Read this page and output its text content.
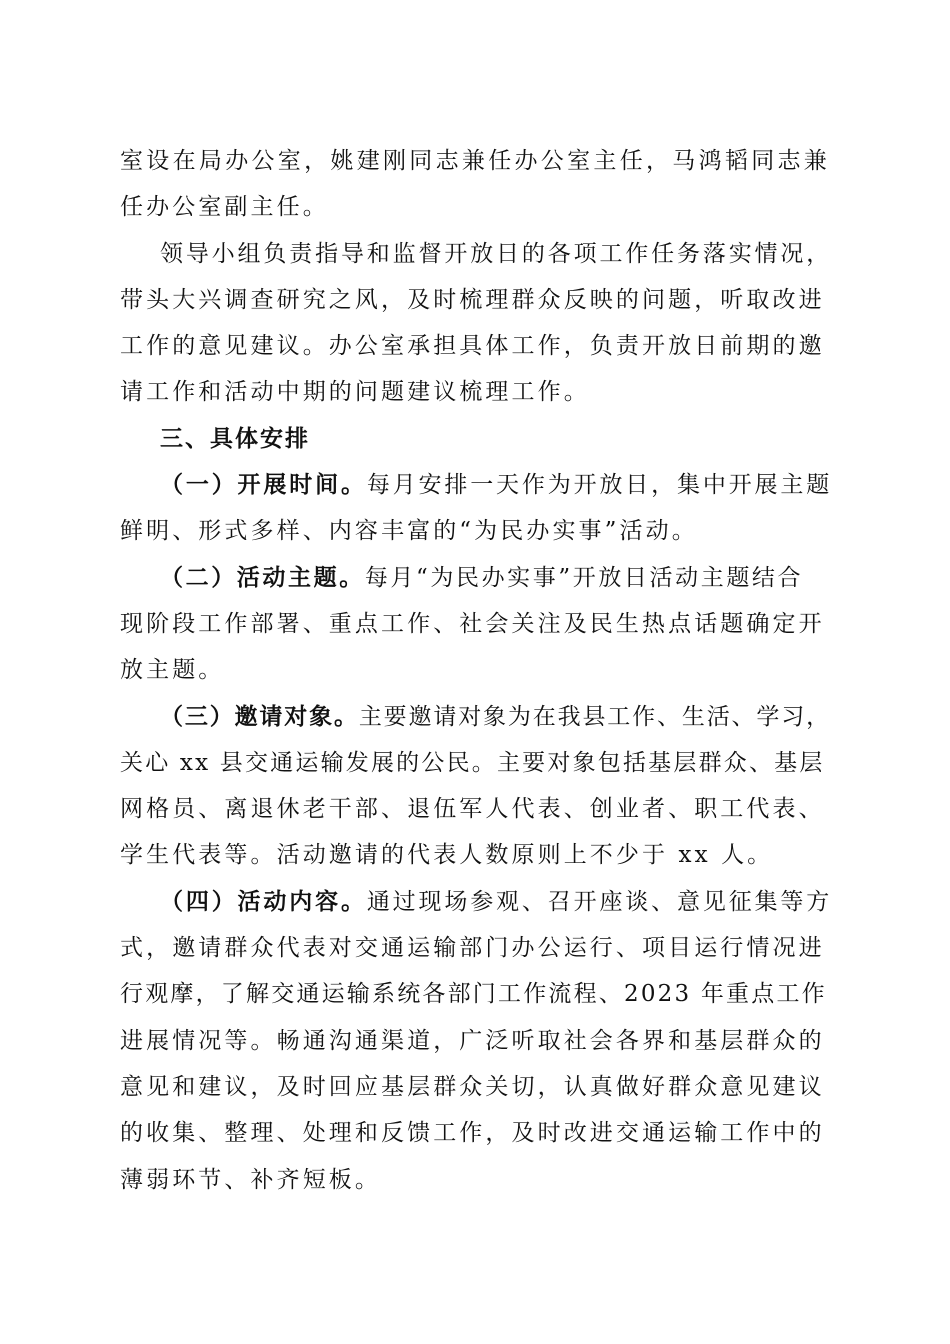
室设在局办公室，姚建刚同志兼任办公室主任，马鸿韬同志兼
任办公室副主任。
领导小组负责指导和监督开放日的各项工作任务落实情况，
带头大兴调查研究之风，及时梳理群众反映的问题，听取改进
工作的意见建议。办公室承担具体工作，负责开放日前期的邀
请工作和活动中期的问题建议梳理工作。
三、具体安排
（一）开展时间。每月安排一天作为开放日，集中开展主题
鲜明、形式多样、内容丰富的“为民办实事”活动。
（二）活动主题。每月“为民办实事”开放日活动主题结合
现阶段工作部署、重点工作、社会关注及民生热点话题确定开
放主题。
（三）邀请对象。主要邀请对象为在我县工作、生活、学习，
关心 xx 县交通运输发展的公民。主要对象包括基层群众、基层
网格员、离退休老干部、退伍军人代表、创业者、职工代表、
学生代表等。活动邀请的代表人数原则上不少于 xx 人。
（四）活动内容。通过现场参观、召开座谈、意见征集等方
式，邀请群众代表对交通运输部门办公运行、项目运行情况进
行观摩，了解交通运输系统各部门工作流程、2023 年重点工作
进展情况等。畅通沟通渠道，广泛听取社会各界和基层群众的
意见和建议，及时回应基层群众关切，认真做好群众意见建议
的收集、整理、处理和反馈工作，及时改进交通运输工作中的
薄弱环节、补齐短板。
